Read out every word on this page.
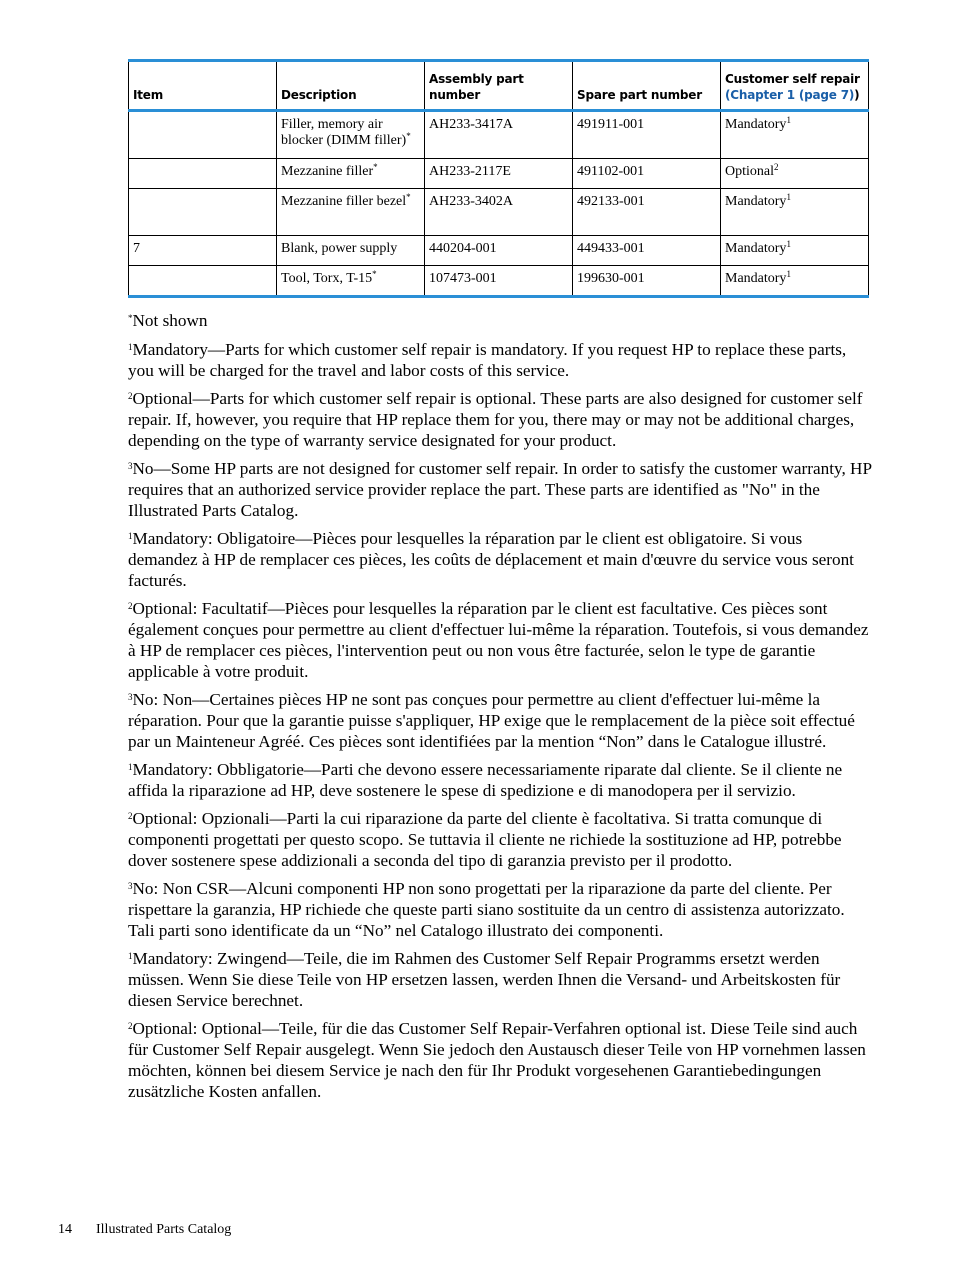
Item	Description	Assembly part number	Spare part number	Customer self repair
(Chapter 1 (page 7))
	Filler, memory air blocker (DIMM filler)*	AH233-3417A	491911-001	Mandatory$^1$
	Mezzanine filler*	AH233-2117E	491102-001	Optional$^2$
	Mezzanine filler bezel*	AH233-3402A	492133-001	Mandatory$^1$
7	Blank, power supply	440204-001	449433-001	Mandatory$^1$
	Tool, Torx, T-15*	107473-001	199630-001	Mandatory$^1$

*Not shown

$^1$Mandatory—Parts for which customer self repair is mandatory. If you request HP to replace these parts, you will be charged for the travel and labor costs of this service.

$^2$Optional—Parts for which customer self repair is optional. These parts are also designed for customer self repair. If, however, you require that HP replace them for you, there may or may not be additional charges, depending on the type of warranty service designated for your product.

$^3$No—Some HP parts are not designed for customer self repair. In order to satisfy the customer warranty, HP requires that an authorized service provider replace the part. These parts are identified as "No" in the Illustrated Parts Catalog.

$^1$Mandatory: Obligatoire—Pièces pour lesquelles la réparation par le client est obligatoire. Si vous demandez à HP de remplacer ces pièces, les coûts de déplacement et main d'œuvre du service vous seront facturés.

$^2$Optional: Facultatif—Pièces pour lesquelles la réparation par le client est facultative. Ces pièces sont également conçues pour permettre au client d'effectuer lui-même la réparation. Toutefois, si vous demandez à HP de remplacer ces pièces, l'intervention peut ou non vous être facturée, selon le type de garantie applicable à votre produit.

$^3$No: Non—Certaines pièces HP ne sont pas conçues pour permettre au client d'effectuer lui-même la réparation. Pour que la garantie puisse s'appliquer, HP exige que le remplacement de la pièce soit effectué par un Mainteneur Agréé. Ces pièces sont identifiées par la mention “Non” dans le Catalogue illustré.

$^1$Mandatory: Obbligatorie—Parti che devono essere necessariamente riparate dal cliente. Se il cliente ne affida la riparazione ad HP, deve sostenere le spese di spedizione e di manodopera per il servizio.

$^2$Optional: Opzionali—Parti la cui riparazione da parte del cliente è facoltativa. Si tratta comunque di componenti progettati per questo scopo. Se tuttavia il cliente ne richiede la sostituzione ad HP, potrebbe dover sostenere spese addizionali a seconda del tipo di garanzia previsto per il prodotto.

$^3$No: Non CSR—Alcuni componenti HP non sono progettati per la riparazione da parte del cliente. Per rispettare la garanzia, HP richiede che queste parti siano sostituite da un centro di assistenza autorizzato. Tali parti sono identificate da un “No” nel Catalogo illustrato dei componenti.

$^1$Mandatory: Zwingend—Teile, die im Rahmen des Customer Self Repair Programms ersetzt werden müssen. Wenn Sie diese Teile von HP ersetzen lassen, werden Ihnen die Versand- und Arbeitskosten für diesen Service berechnet.

$^2$Optional: Optional—Teile, für die das Customer Self Repair-Verfahren optional ist. Diese Teile sind auch für Customer Self Repair ausgelegt. Wenn Sie jedoch den Austausch dieser Teile von HP vornehmen lassen möchten, können bei diesem Service je nach den für Ihr Produkt vorgesehenen Garantiebedingungen zusätzliche Kosten anfallen.

14 Illustrated Parts Catalog
